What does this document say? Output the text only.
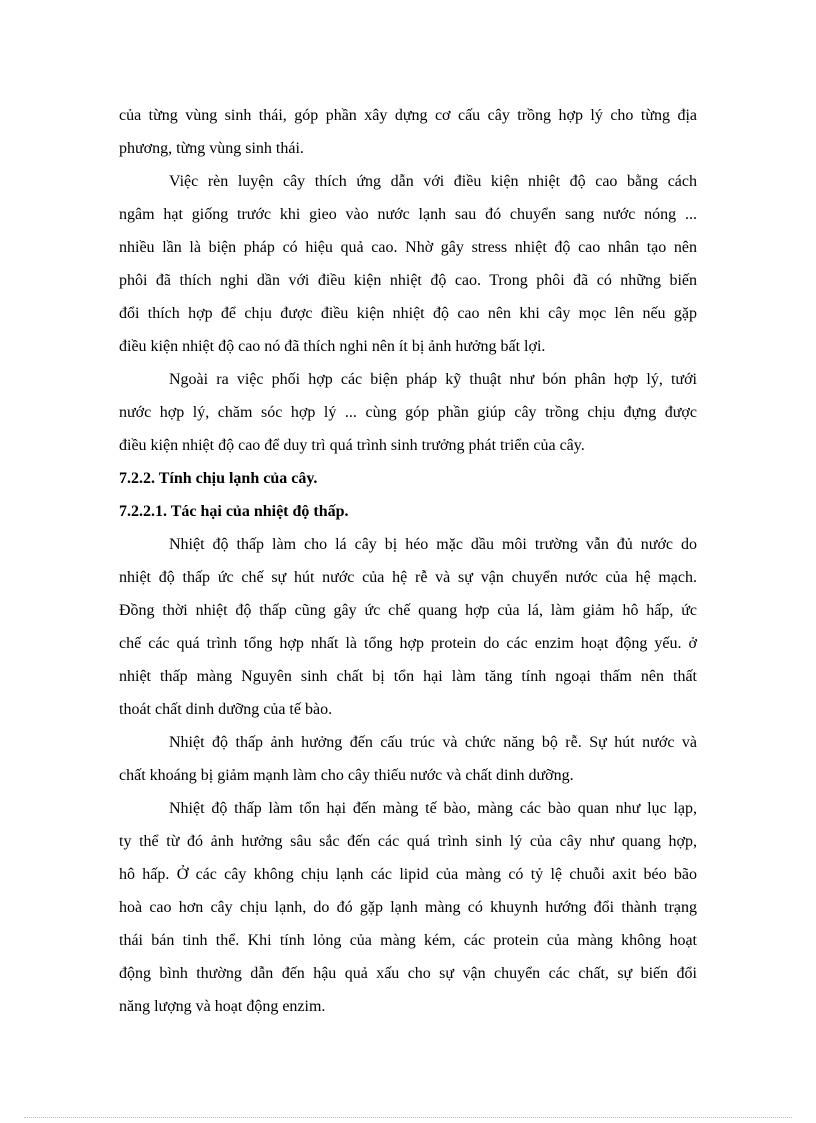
của từng vùng sinh thái, góp phần xây dựng cơ cấu cây trồng hợp lý cho từng địa
phương, từng vùng sinh thái.
Việc rèn luyện cây thích ứng dẫn với điều kiện nhiệt độ cao bằng cách
ngâm hạt giống trước khi gieo vào nước lạnh sau đó chuyển sang nước nóng ...
nhiều lần là biện pháp có hiệu quả cao. Nhờ gây stress nhiệt độ cao nhân tạo nên
phôi đã thích nghi dần với điều kiện nhiệt độ cao. Trong phôi đã có những biến
đổi thích hợp để chịu được điều kiện nhiệt độ cao nên khi cây mọc lên nếu gặp
điều kiện nhiệt độ cao nó đã thích nghi nên ít bị ảnh hưởng bất lợi.
Ngoài ra việc phối hợp các biện pháp kỹ thuật như bón phân hợp lý, tưới
nước hợp lý, chăm sóc hợp lý ... cùng góp phần giúp cây trồng chịu đựng được
điều kiện nhiệt độ cao để duy trì quá trình sinh trưởng phát triển của cây.
7.2.2. Tính chịu lạnh của cây.
7.2.2.1. Tác hại của nhiệt độ thấp.
Nhiệt độ thấp làm cho lá cây bị héo mặc dầu môi trường vẫn đủ nước do
nhiệt độ thấp ức chế sự hút nước của hệ rễ và sự vận chuyển nước của hệ mạch.
Đồng thời nhiệt độ thấp cũng gây ức chế quang hợp của lá, làm giảm hô hấp, ức
chế các quá trình tổng hợp nhất là tổng hợp protein do các enzim hoạt động yếu. ở
nhiệt thấp màng Nguyên sinh chất bị tổn hại làm tăng tính ngoại thấm nên thất
thoát chất dinh dưỡng của tế bào.
Nhiệt độ thấp ảnh hưởng đến cấu trúc và chức năng bộ rễ. Sự hút nước và
chất khoáng bị giảm mạnh làm cho cây thiếu nước và chất dinh dưỡng.
Nhiệt độ thấp làm tổn hại đến màng tế bào, màng các bào quan như lục lạp,
ty thể từ đó ảnh hưởng sâu sắc đến các quá trình sinh lý của cây như quang hợp,
hô hấp. Ở các cây không chịu lạnh các lipid của màng có tỷ lệ chuỗi axit béo bão
hoà cao hơn cây chịu lạnh, do đó gặp lạnh màng có khuynh hướng đổi thành trạng
thái bán tinh thể. Khi tính lỏng của màng kém, các protein của màng không hoạt
động bình thường dẫn đến hậu quả xấu cho sự vận chuyển các chất, sự biến đổi
năng lượng và hoạt động enzim.
